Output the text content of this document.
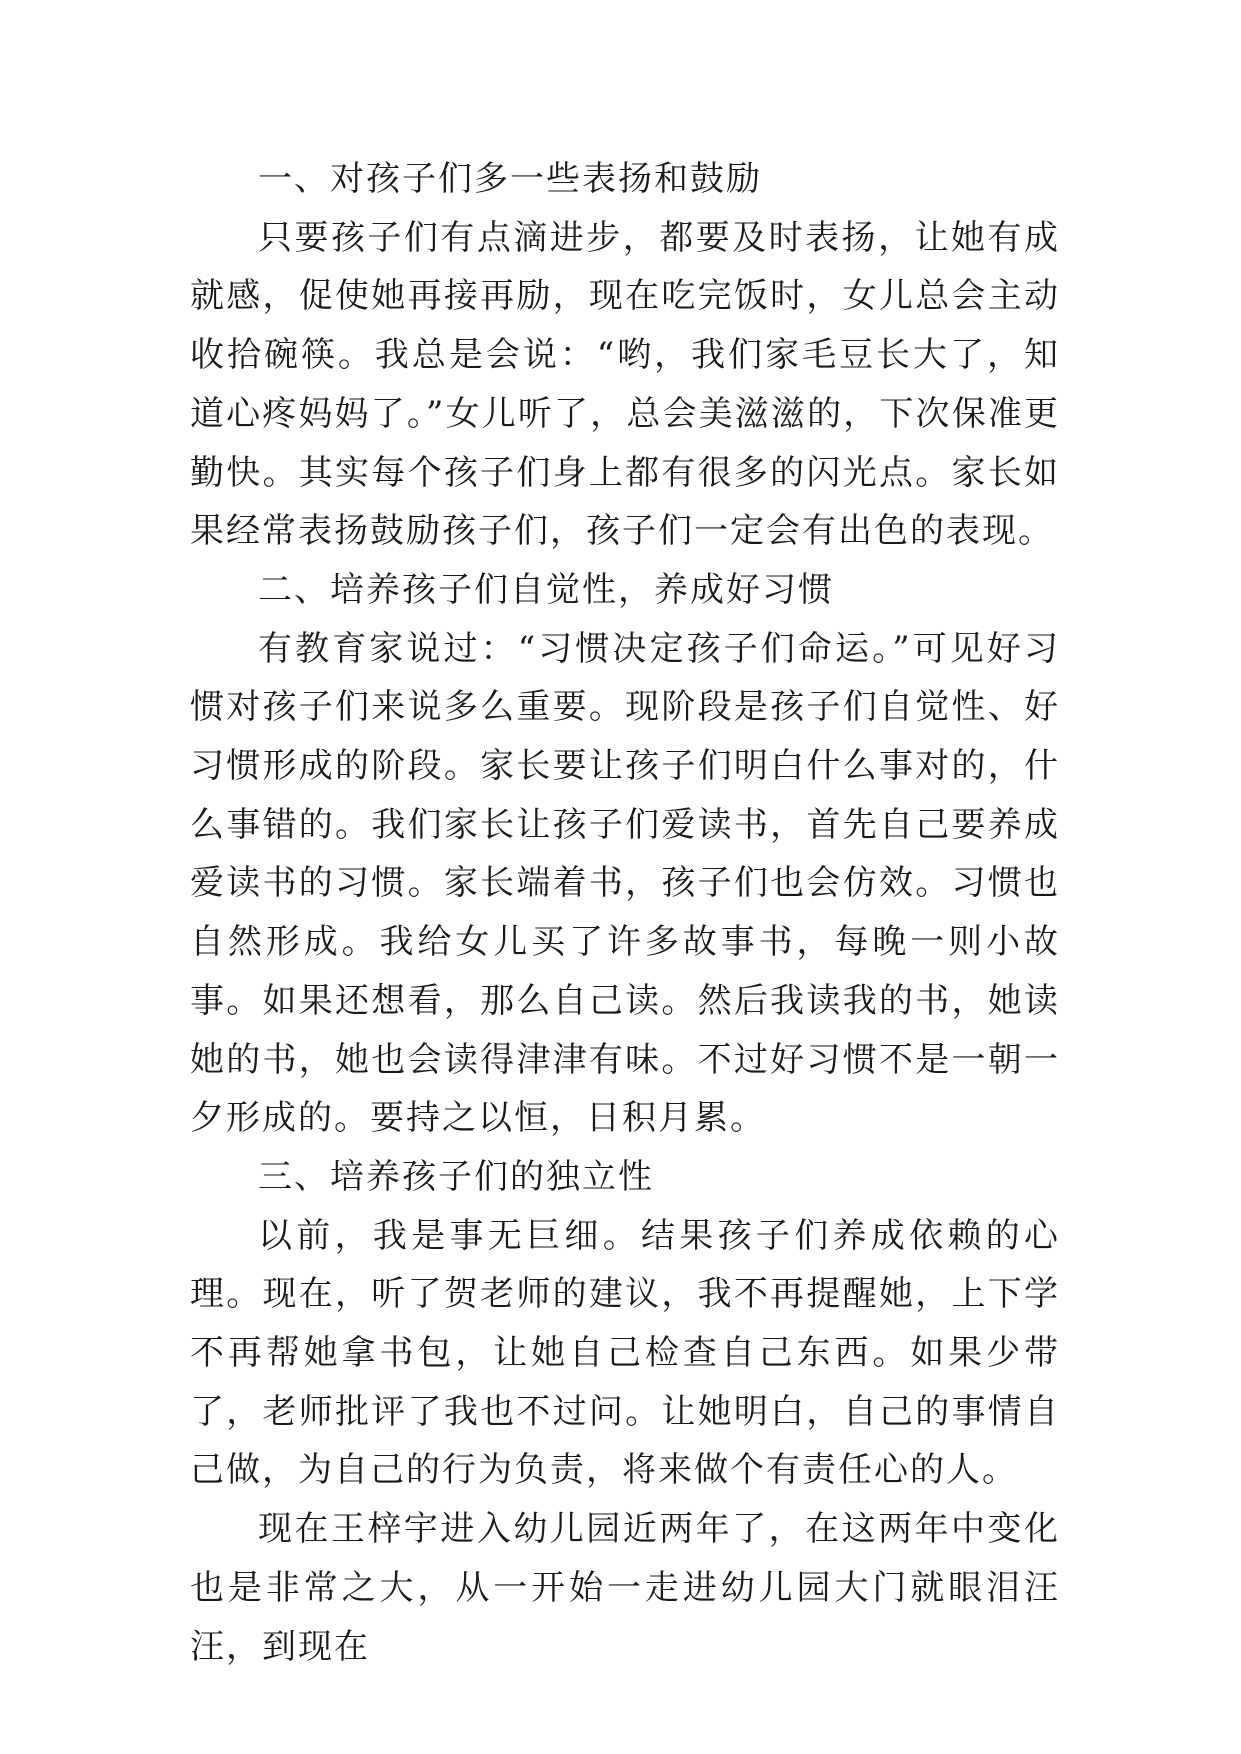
一、对孩子们多一些表扬和鼓励

只要孩子们有点滴进步，都要及时表扬，让她有成就感，促使她再接再励，现在吃完饭时，女儿总会主动收拾碗筷。我总是会说：“哟，我们家毛豆长大了，知道心疼妈妈了。”女儿听了，总会美滋滋的，下次保准更勤快。其实每个孩子们身上都有很多的闪光点。家长如果经常表扬鼓励孩子们，孩子们一定会有出色的表现。

二、培养孩子们自觉性，养成好习惯

有教育家说过：“习惯决定孩子们命运。”可见好习惯对孩子们来说多么重要。现阶段是孩子们自觉性、好习惯形成的阶段。家长要让孩子们明白什么事对的，什么事错的。我们家长让孩子们爱读书，首先自己要养成爱读书的习惯。家长端着书，孩子们也会仿效。习惯也自然形成。我给女儿买了许多故事书，每晚一则小故事。如果还想看，那么自己读。然后我读我的书，她读她的书，她也会读得津津有味。不过好习惯不是一朝一夕形成的。要持之以恒，日积月累。

三、培养孩子们的独立性

以前，我是事无巨细。结果孩子们养成依赖的心理。现在，听了贺老师的建议，我不再提醒她，上下学不再帮她拿书包，让她自己检查自己东西。如果少带了，老师批评了我也不过问。让她明白，自己的事情自己做，为自己的行为负责，将来做个有责任心的人。

现在王梓宇进入幼儿园近两年了，在这两年中变化也是非常之大，从一开始一走进幼儿园大门就眼泪汪汪，到现在
